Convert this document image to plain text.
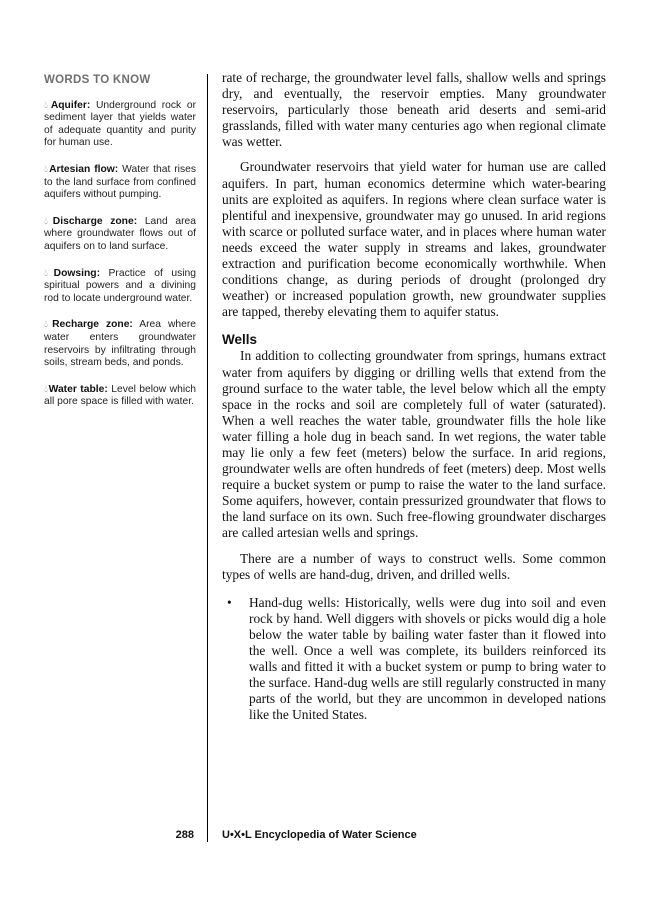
WORDS TO KNOW
💧︎Aquifer: Underground rock or sediment layer that yields water of adequate quantity and purity for human use.
💧︎Artesian flow: Water that rises to the land surface from confined aquifers without pumping.
💧︎Discharge zone: Land area where groundwater flows out of aquifers on to land surface.
💧︎Dowsing: Practice of using spiritual powers and a divining rod to locate underground water.
💧︎Recharge zone: Area where water enters groundwater reservoirs by infiltrating through soils, stream beds, and ponds.
💧︎Water table: Level below which all pore space is filled with water.

rate of recharge, the groundwater level falls, shallow wells and springs dry, and eventually, the reservoir empties. Many groundwater reservoirs, particularly those beneath arid deserts and semi-arid grasslands, filled with water many centuries ago when regional climate was wetter.

Groundwater reservoirs that yield water for human use are called aquifers. In part, human economics determine which water-bearing units are exploited as aquifers. In regions where clean surface water is plentiful and inexpensive, groundwater may go unused. In arid regions with scarce or polluted surface water, and in places where human water needs exceed the water supply in streams and lakes, groundwater extraction and purification become economically worthwhile. When conditions change, as during periods of drought (prolonged dry weather) or increased population growth, new groundwater supplies are tapped, thereby elevating them to aquifer status.

Wells

In addition to collecting groundwater from springs, humans extract water from aquifers by digging or drilling wells that extend from the ground surface to the water table, the level below which all the empty space in the rocks and soil are completely full of water (saturated). When a well reaches the water table, groundwater fills the hole like water filling a hole dug in beach sand. In wet regions, the water table may lie only a few feet (meters) below the surface. In arid regions, groundwater wells are often hundreds of feet (meters) deep. Most wells require a bucket system or pump to raise the water to the land surface. Some aquifers, however, contain pressurized groundwater that flows to the land surface on its own. Such free-flowing groundwater discharges are called artesian wells and springs.

There are a number of ways to construct wells. Some common types of wells are hand-dug, driven, and drilled wells.

•	Hand-dug wells: Historically, wells were dug into soil and even rock by hand. Well diggers with shovels or picks would dig a hole below the water table by bailing water faster than it flowed into the well. Once a well was complete, its builders reinforced its walls and fitted it with a bucket system or pump to bring water to the surface. Hand-dug wells are still regularly constructed in many parts of the world, but they are uncommon in developed nations like the United States.
288	U•X•L Encyclopedia of Water Science
